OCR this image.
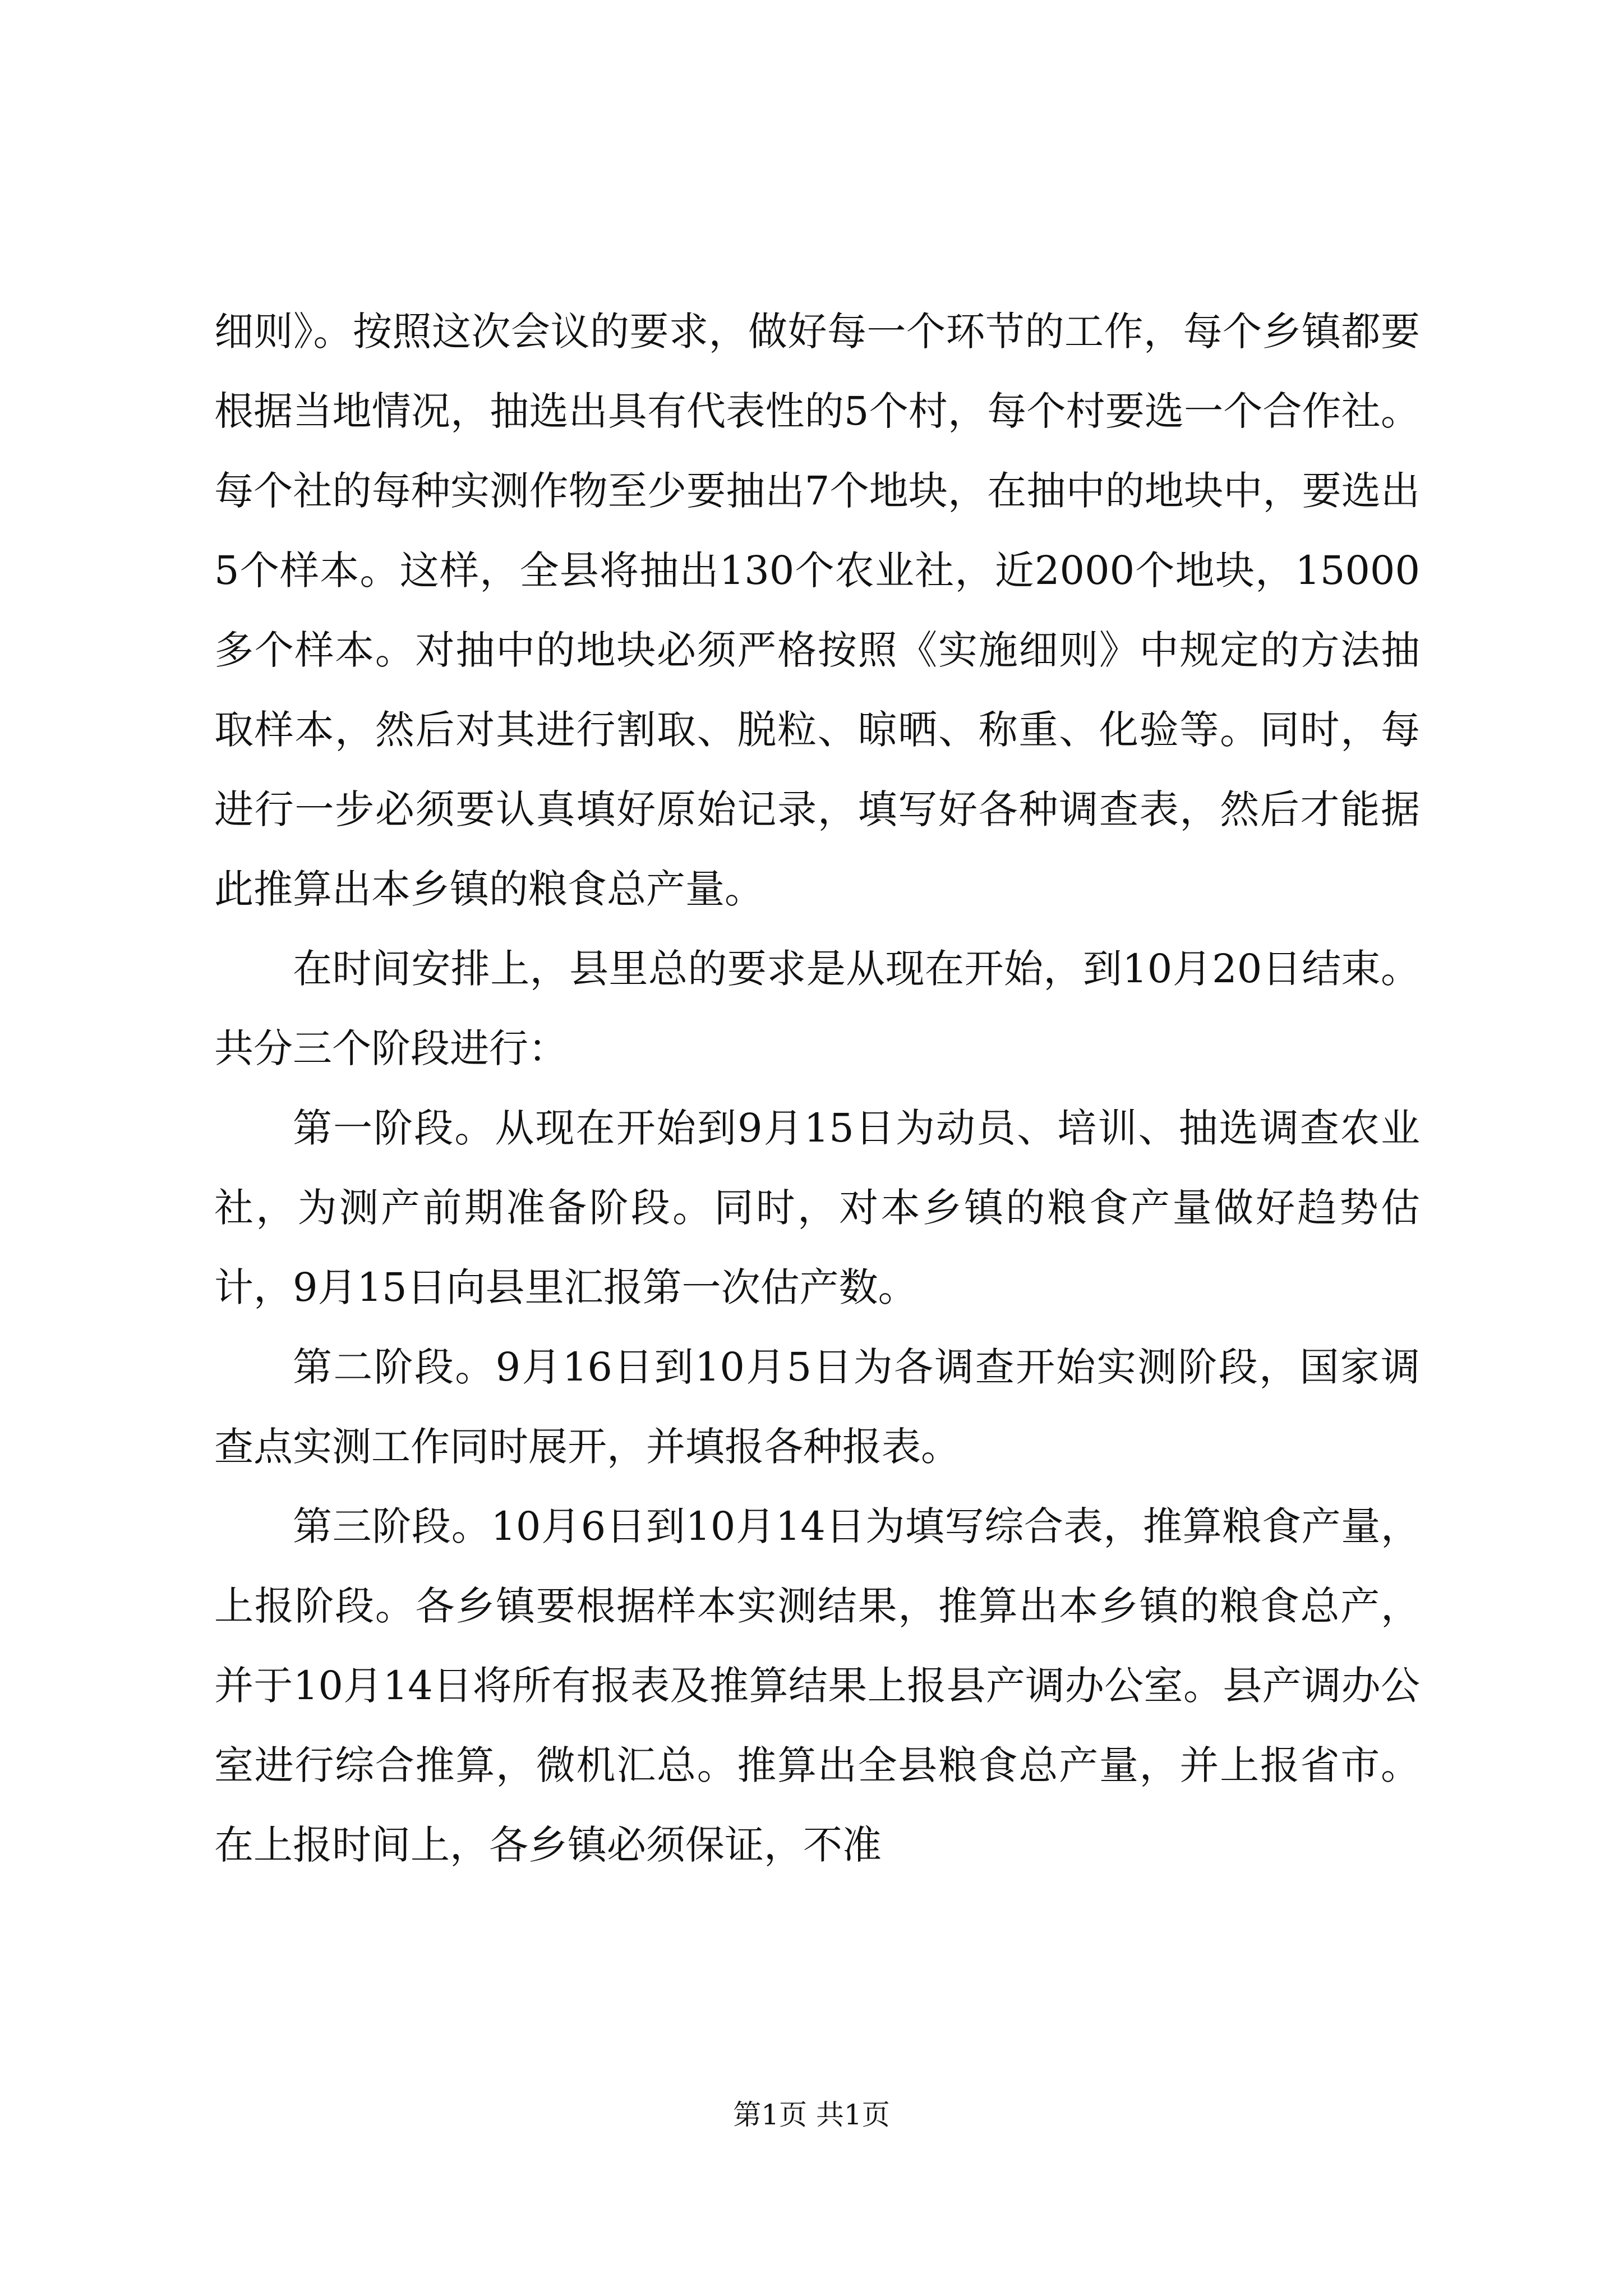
细则》。按照这次会议的要求，做好每一个环节的工作，每个乡镇都要根据当地情况，抽选出具有代表性的5个村，每个村要选一个合作社。每个社的每种实测作物至少要抽出7个地块，在抽中的地块中，要选出5个样本。这样，全县将抽出130个农业社，近2000个地块，15000多个样本。对抽中的地块必须严格按照《实施细则》中规定的方法抽取样本，然后对其进行割取、脱粒、晾晒、称重、化验等。同时，每进行一步必须要认真填好原始记录，填写好各种调查表，然后才能据此推算出本乡镇的粮食总产量。

在时间安排上，县里总的要求是从现在开始，到10月20日结束。共分三个阶段进行：

第一阶段。从现在开始到9月15日为动员、培训、抽选调查农业社，为测产前期准备阶段。同时，对本乡镇的粮食产量做好趋势估计，9月15日向县里汇报第一次估产数。

第二阶段。9月16日到10月5日为各调查开始实测阶段，国家调查点实测工作同时展开，并填报各种报表。

第三阶段。10月6日到10月14日为填写综合表，推算粮食产量，上报阶段。各乡镇要根据样本实测结果，推算出本乡镇的粮食总产，并于10月14日将所有报表及推算结果上报县产调办公室。县产调办公室进行综合推算，微机汇总。推算出全县粮食总产量，并上报省市。在上报时间上，各乡镇必须保证，不准

第1页 共1页
